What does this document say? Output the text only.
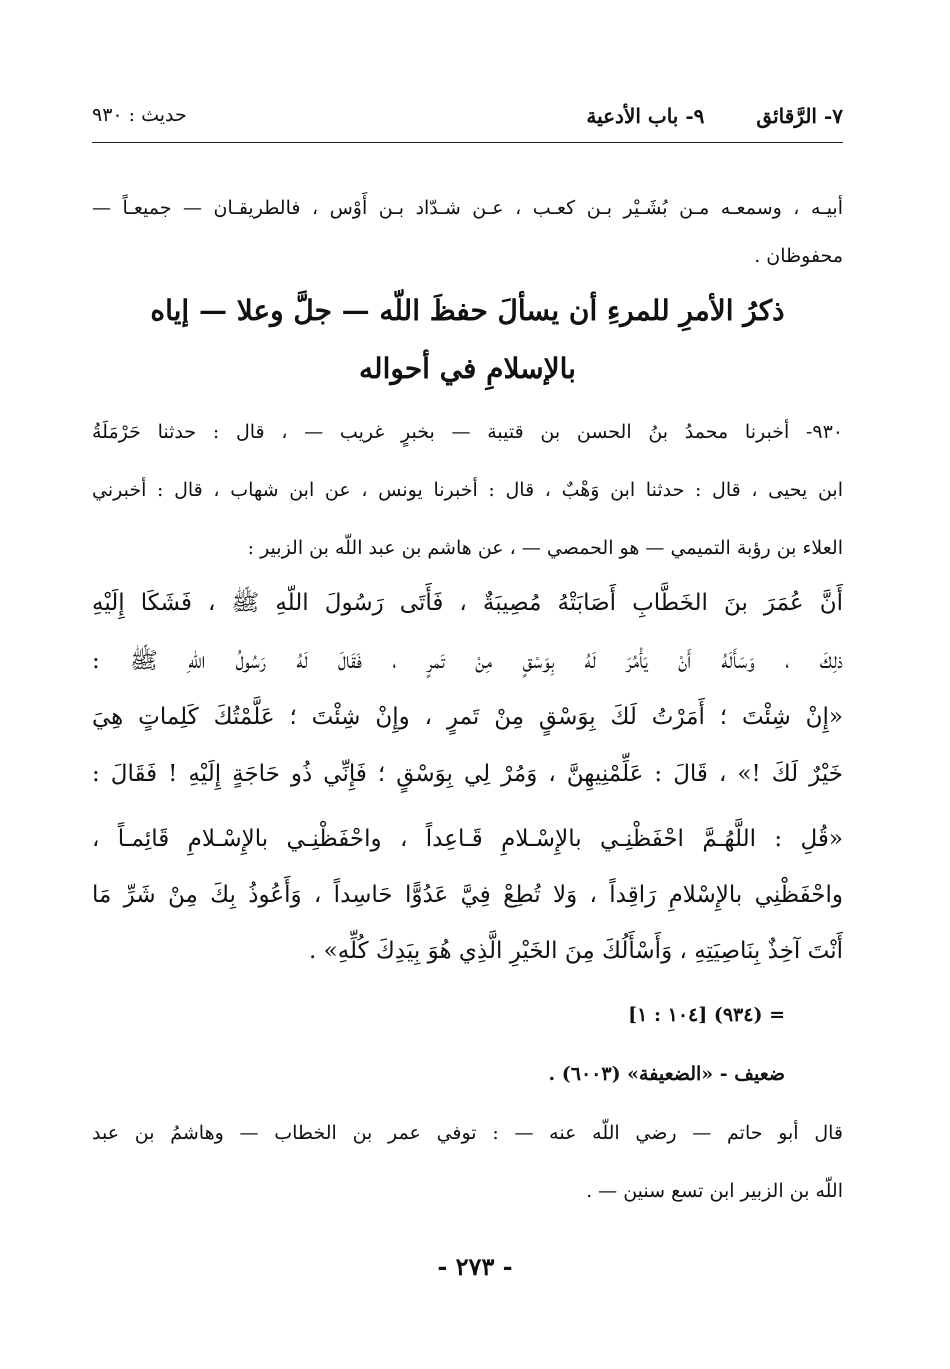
٧- الرَّقائق٩- باب الأدعية
حديث : ٩٣٠
أبيـه ، وسمعـه مـن بُشَـيْر بـن كعـب ، عـن شـدّاد بـن أَوْس ، فالطريقـان — جميعـاً —
محفوظان .
ذكرُ الأمرِ للمرءِ أن يسألَ حفظَ اللّه — جلَّ وعلا — إياه
بالإسلامِ في أحواله
٩٣٠- أخبرنا محمدُ بنُ الحسن بن قتيبة — بخبرٍ غريب — ، قال : حدثنا حَرْمَلَةُ
ابن يحيى ، قال : حدثنا ابن وَهْبٌ ، قال : أخبرنا يونس ، عن ابن شهاب ، قال : أخبرني
العلاء بن رؤبة التميمي — هو الحمصي — ، عن هاشم بن عبد اللّه بن الزبير :
أَنَّ عُمَرَ بنَ الخَطَّابِ أَصَابَتْهُ مُصِيبَةٌ ، فَأَتَى رَسُولَ اللّهِ ﷺ ، فَشَكَا إِلَيْهِ
ذلِكَ ، وَسَأَلَهُ أَنْ يَأْمُرَ لَهُ بِوَسْقٍ مِنْ تَمرٍ ، فَقَالَ لَهُ رَسُولُ اللّهِ ﷺ :
«إِنْ شِئْتَ ؛ أَمَرْتُ لَكَ بِوَسْقٍ مِنْ تَمرٍ ، وإِنْ شِئْتَ ؛ عَلَّمْتُكَ كَلِماتٍ هِيَ
خَيْرٌ لَكَ !» ، قَالَ : عَلِّمْنِيهِنَّ ، وَمُرْ لِي بِوَسْقٍ ؛ فَإِنِّي ذُو حَاجَةٍ إِلَيْهِ ! فَقَالَ :
«قُلِ : اللَّهُـمَّ احْفَظْنِـي بالإِسْـلامِ قَـاعِداً ، واحْفَظْنِـي بالإِسْـلامِ قَائِمـاً ،
واحْفَظْنِي بالإِسْلامِ رَاقِداً ، وَلا تُطِعْ فِيَّ عَدُوًّا حَاسِداً ، وَأَعُوذُ بِكَ مِنْ شَرِّ مَا
أَنْتَ آخِذٌ بِنَاصِيَتِهِ ، وَأَسْأَلُكَ مِنَ الخَيْرِ الَّذِي هُوَ بِيَدِكَ كُلِّهِ» .
= (٩٣٤) [١٠٤ : ١]
ضعيف - «الضعيفة» (٦٠٠٣) .
قال أبو حاتم — رضي اللّه عنه — : توفي عمر بن الخطاب — وهاشمُ بن عبد
اللّه بن الزبير ابن تسع سنين — .
- ٢٧٣ -
